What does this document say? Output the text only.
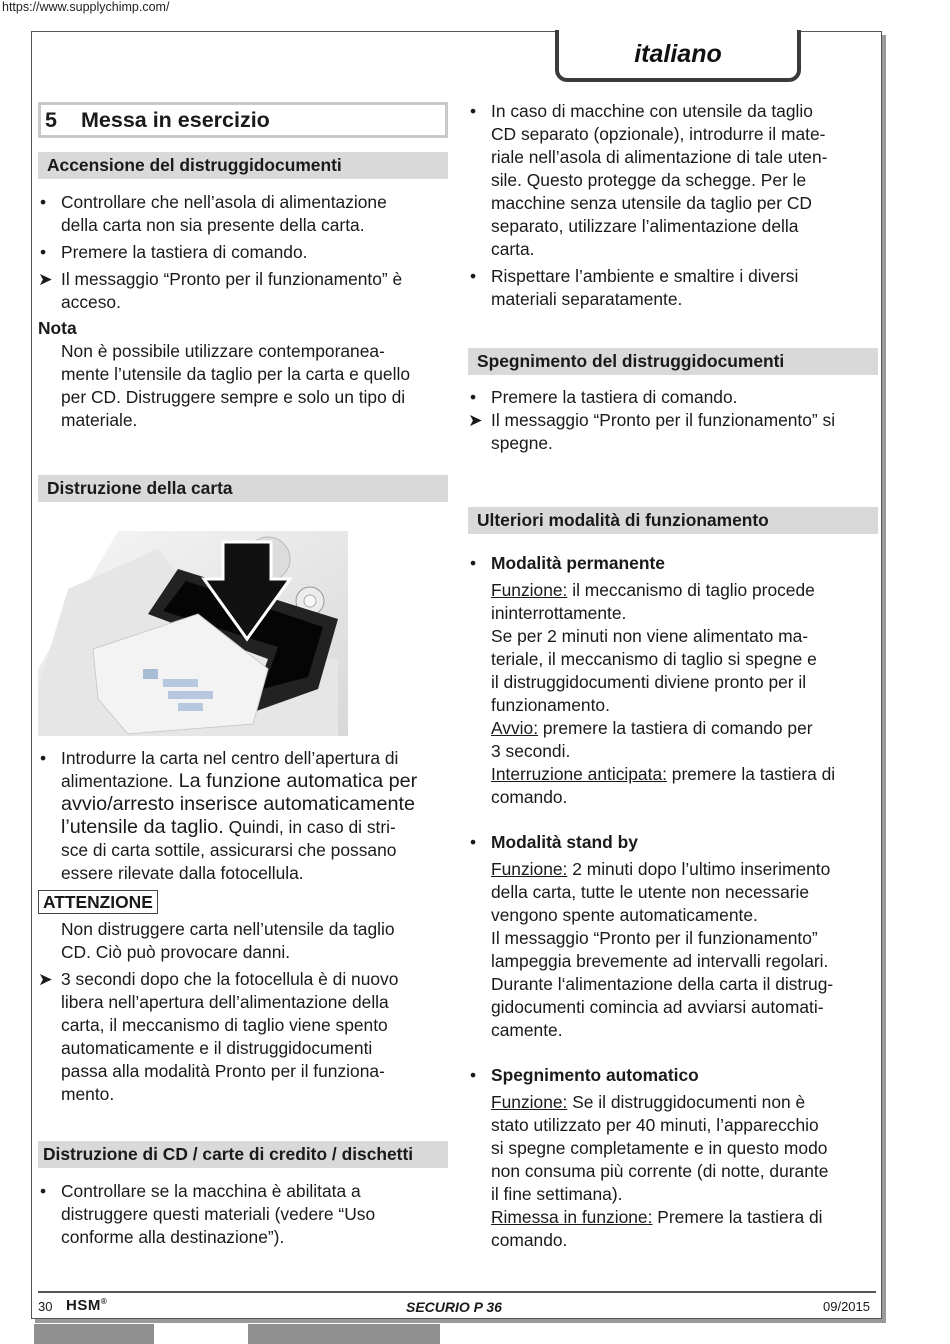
https://www.supplychimp.com/
italiano
5	Messa in esercizio
Accensione del distruggidocumenti
• Controllare che nell’asola di alimentazione
della carta non sia presente della carta.
• Premere la tastiera di comando.
➤ Il messaggio “Pronto per il funzionamento” è
acceso.
Nota
Non è possibile utilizzare contemporanea-
mente l’utensile da taglio per la carta e quello
per CD. Distruggere sempre e solo un tipo di
materiale.
Distruzione della carta
• Introdurre la carta nel centro dell’apertura di
alimentazione. La funzione automatica per
avvio/arresto inserisce automaticamente
l’utensile da taglio. Quindi, in caso di stri-
sce di carta sottile, assicurarsi che possano
essere rilevate dalla fotocellula.
ATTENZIONE
Non distruggere carta nell’utensile da taglio
CD. Ciò può provocare danni.
➤ 3 secondi dopo che la fotocellula è di nuovo
libera nell’apertura dell’alimentazione della
carta, il meccanismo di taglio viene spento
automaticamente e il distruggidocumenti
passa alla modalità Pronto per il funziona-
mento.
Distruzione di CD / carte di credito / dischetti
• Controllare se la macchina è abilitata a
distruggere questi materiali (vedere “Uso
conforme alla destinazione”).
• In caso di macchine con utensile da taglio
CD separato (opzionale), introdurre il mate-
riale nell’asola di alimentazione di tale uten-
sile. Questo protegge da schegge. Per le
macchine senza utensile da taglio per CD
separato, utilizzare l’alimentazione della
carta.
• Rispettare l’ambiente e smaltire i diversi
materiali separatamente.
Spegnimento del distruggidocumenti
• Premere la tastiera di comando.
➤ Il messaggio “Pronto per il funzionamento” si
spegne.
Ulteriori modalità di funzionamento
• Modalità permanente
Funzione: il meccanismo di taglio procede
ininterrottamente.
Se per 2 minuti non viene alimentato ma-
teriale, il meccanismo di taglio si spegne e
il distruggidocumenti diviene pronto per il
funzionamento.
Avvio: premere la tastiera di comando per
3 secondi.
Interruzione anticipata: premere la tastiera di
comando.
• Modalità stand by
Funzione: 2 minuti dopo l’ultimo inserimento
della carta, tutte le utente non necessarie
vengono spente automaticamente.
Il messaggio “Pronto per il funzionamento”
lampeggia brevemente ad intervalli regolari.
Durante l‘alimentazione della carta il distrug-
gidocumenti comincia ad avviarsi automati-
camente.
• Spegnimento automatico
Funzione: Se il distruggidocumenti non è
stato utilizzato per 40 minuti, l’apparecchio
si spegne completamente e in questo modo
non consuma più corrente (di notte, durante
il fine settimana).
Rimessa in funzione: Premere la tastiera di
comando.
30 HSM®	SECURIO P 36	09/2015
